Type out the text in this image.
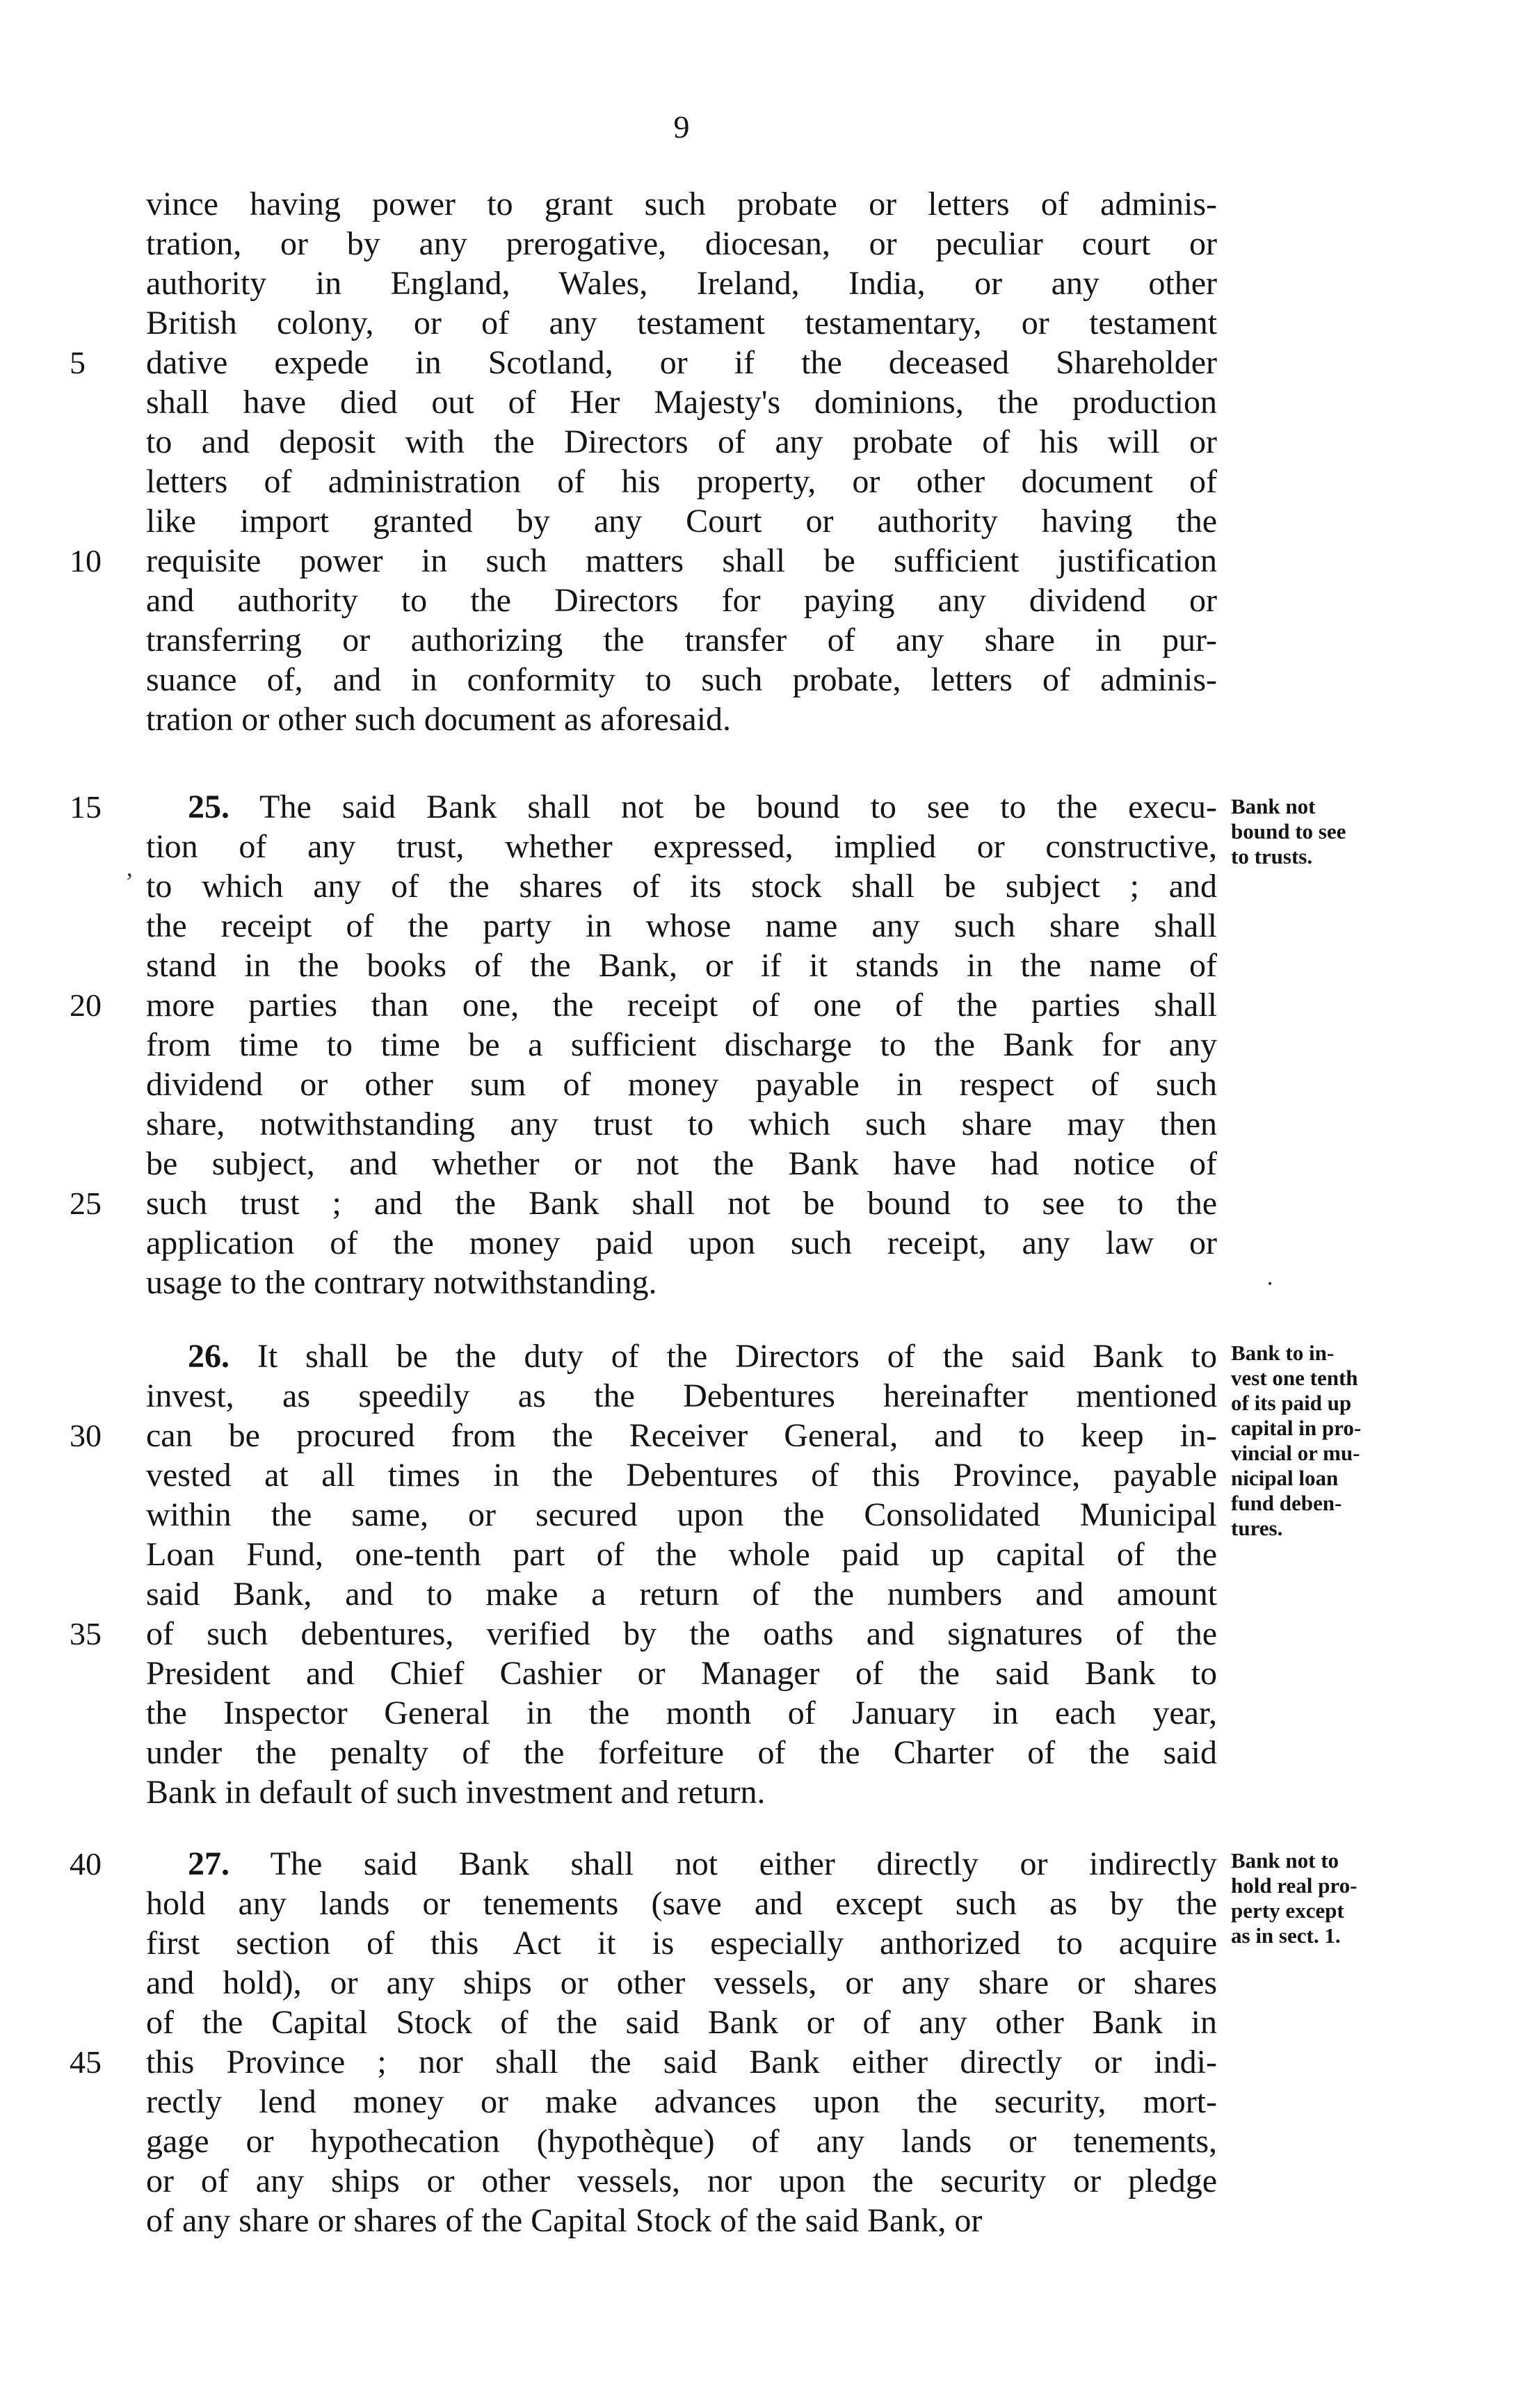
9
vince having power to grant such probate or letters of adminis-
tration, or by any prerogative, diocesan, or peculiar court or
authority in England, Wales, Ireland, India, or any other
British colony, or of any testament testamentary, or testament
dative expede in Scotland, or if the deceased Shareholder
shall have died out of Her Majesty's dominions, the production
to and deposit with the Directors of any probate of his will or
letters of administration of his property, or other document of
like import granted by any Court or authority having the
requisite power in such matters shall be sufficient justification
and authority to the Directors for paying any dividend or
transferring or authorizing the transfer of any share in pur-
suance of, and in conformity to such probate, letters of adminis-
tration or other such document as aforesaid.
25. The said Bank shall not be bound to see to the execu-
tion of any trust, whether expressed, implied or constructive,
to which any of the shares of its stock shall be subject ; and
the receipt of the party in whose name any such share shall
stand in the books of the Bank, or if it stands in the name of
more parties than one, the receipt of one of the parties shall
from time to time be a sufficient discharge to the Bank for any
dividend or other sum of money payable in respect of such
share, notwithstanding any trust to which such share may then
be subject, and whether or not the Bank have had notice of
such trust ; and the Bank shall not be bound to see to the
application of the money paid upon such receipt, any law or
usage to the contrary notwithstanding.
26. It shall be the duty of the Directors of the said Bank to
invest, as speedily as the Debentures hereinafter mentioned
can be procured from the Receiver General, and to keep in-
vested at all times in the Debentures of this Province, payable
within the same, or secured upon the Consolidated Municipal
Loan Fund, one-tenth part of the whole paid up capital of the
said Bank, and to make a return of the numbers and amount
of such debentures, verified by the oaths and signatures of the
President and Chief Cashier or Manager of the said Bank to
the Inspector General in the month of January in each year,
under the penalty of the forfeiture of the Charter of the said
Bank in default of such investment and return.
27. The said Bank shall not either directly or indirectly
hold any lands or tenements (save and except such as by the
first section of this Act it is especially anthorized to acquire
and hold), or any ships or other vessels, or any share or shares
of the Capital Stock of the said Bank or of any other Bank in
this Province ; nor shall the said Bank either directly or indi-
rectly lend money or make advances upon the security, mort-
gage or hypothecation (hypothèque) of any lands or tenements,
or of any ships or other vessels, nor upon the security or pledge
of any share or shares of the Capital Stock of the said Bank, or
5
10
15
20
25
30
35
40
45
Bank not
bound to see
to trusts.
Bank to in-
vest one tenth
of its paid up
capital in pro-
vincial or mu-
nicipal loan
fund deben-
tures.
Bank not to
hold real pro-
perty except
as in sect. 1.
ʼ
·
